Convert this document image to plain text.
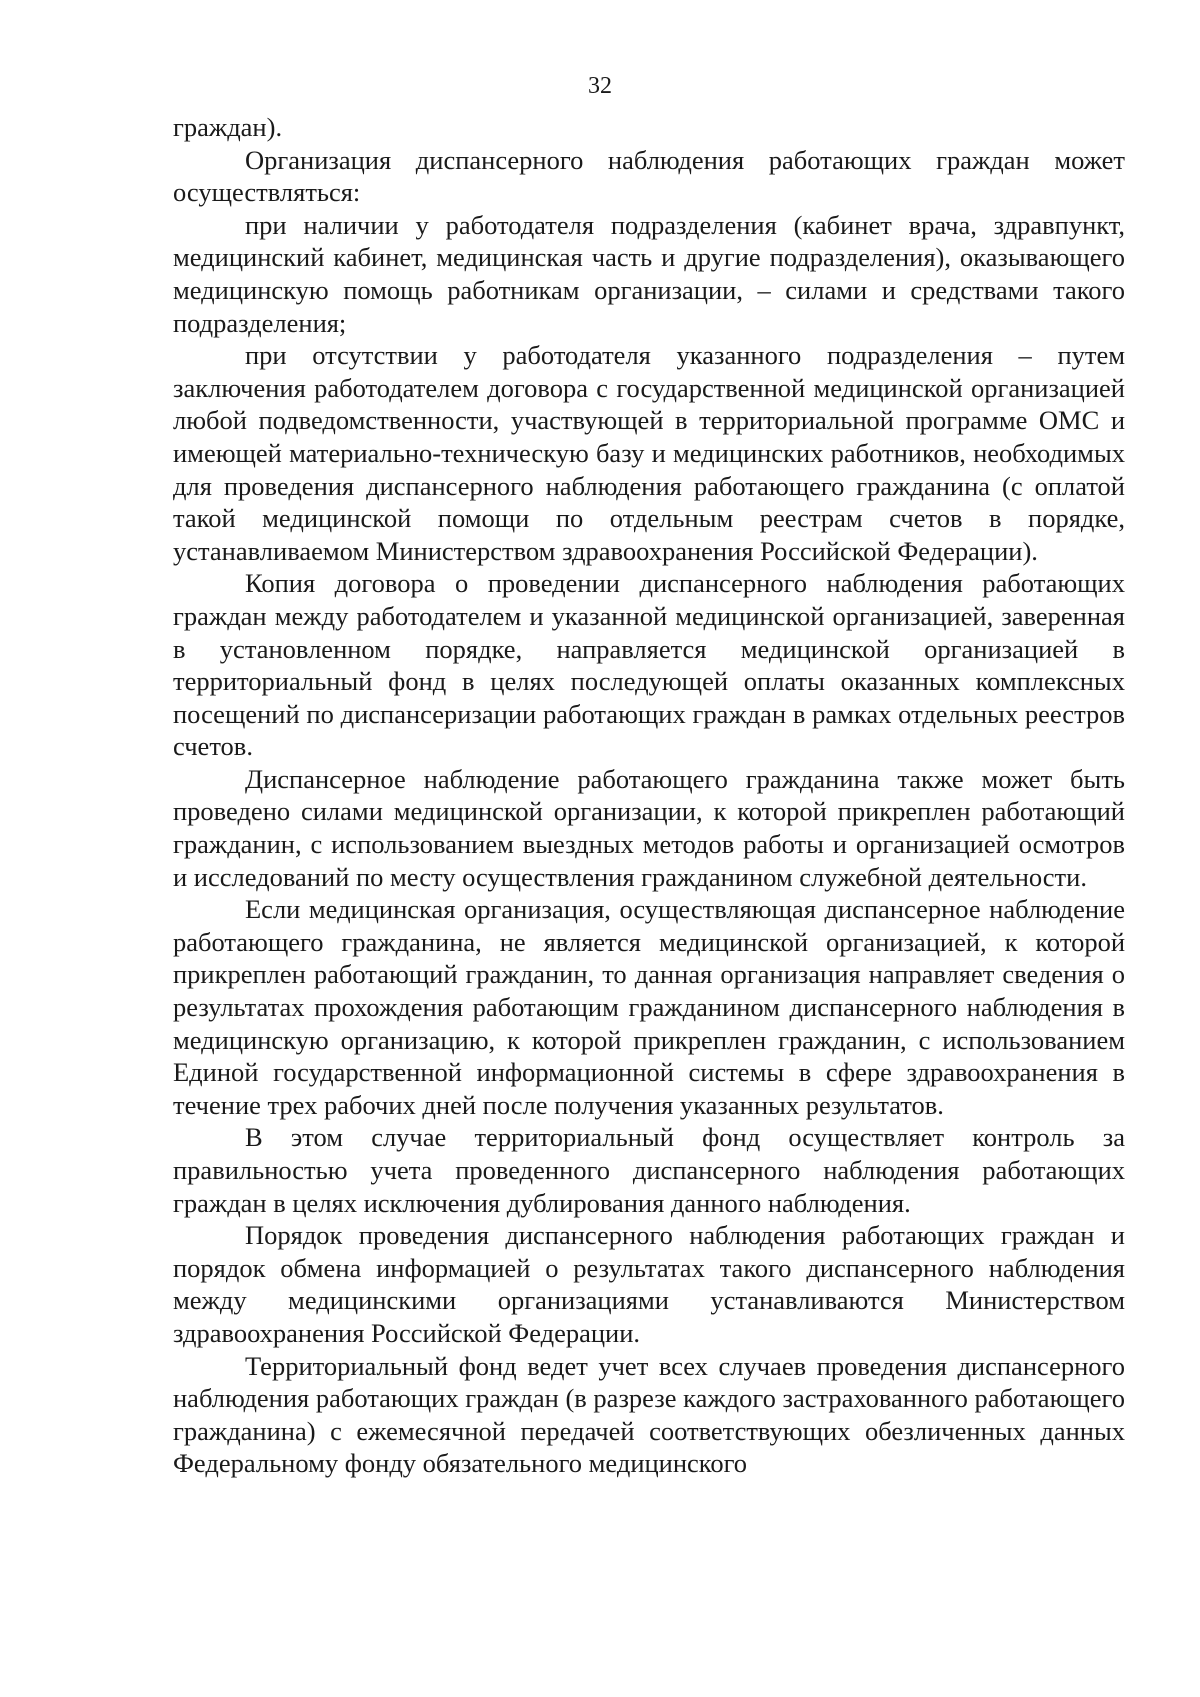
32

граждан).

Организация диспансерного наблюдения работающих граждан может осуществляться:

при наличии у работодателя подразделения (кабинет врача, здравпункт, медицинский кабинет, медицинская часть и другие подразделения), оказывающего медицинскую помощь работникам организации, – силами и средствами такого подразделения;

при отсутствии у работодателя указанного подразделения – путем заключения работодателем договора с государственной медицинской организацией любой подведомственности, участвующей в территориальной программе ОМС и имеющей материально-техническую базу и медицинских работников, необходимых для проведения диспансерного наблюдения работающего гражданина (с оплатой такой медицинской помощи по отдельным реестрам счетов в порядке, устанавливаемом Министерством здравоохранения Российской Федерации).

Копия договора о проведении диспансерного наблюдения работающих граждан между работодателем и указанной медицинской организацией, заверенная в установленном порядке, направляется медицинской организацией в территориальный фонд в целях последующей оплаты оказанных комплексных посещений по диспансеризации работающих граждан в рамках отдельных реестров счетов.

Диспансерное наблюдение работающего гражданина также может быть проведено силами медицинской организации, к которой прикреплен работающий гражданин, с использованием выездных методов работы и организацией осмотров и исследований по месту осуществления гражданином служебной деятельности.

Если медицинская организация, осуществляющая диспансерное наблюдение работающего гражданина, не является медицинской организацией, к которой прикреплен работающий гражданин, то данная организация направляет сведения о результатах прохождения работающим гражданином диспансерного наблюдения в медицинскую организацию, к которой прикреплен гражданин, с использованием Единой государственной информационной системы в сфере здравоохранения в течение трех рабочих дней после получения указанных результатов.

В этом случае территориальный фонд осуществляет контроль за правильностью учета проведенного диспансерного наблюдения работающих граждан в целях исключения дублирования данного наблюдения.

Порядок проведения диспансерного наблюдения работающих граждан и порядок обмена информацией о результатах такого диспансерного наблюдения между медицинскими организациями устанавливаются Министерством здравоохранения Российской Федерации.

Территориальный фонд ведет учет всех случаев проведения диспансерного наблюдения работающих граждан (в разрезе каждого застрахованного работающего гражданина) с ежемесячной передачей соответствующих обезличенных данных Федеральному фонду обязательного медицинского
